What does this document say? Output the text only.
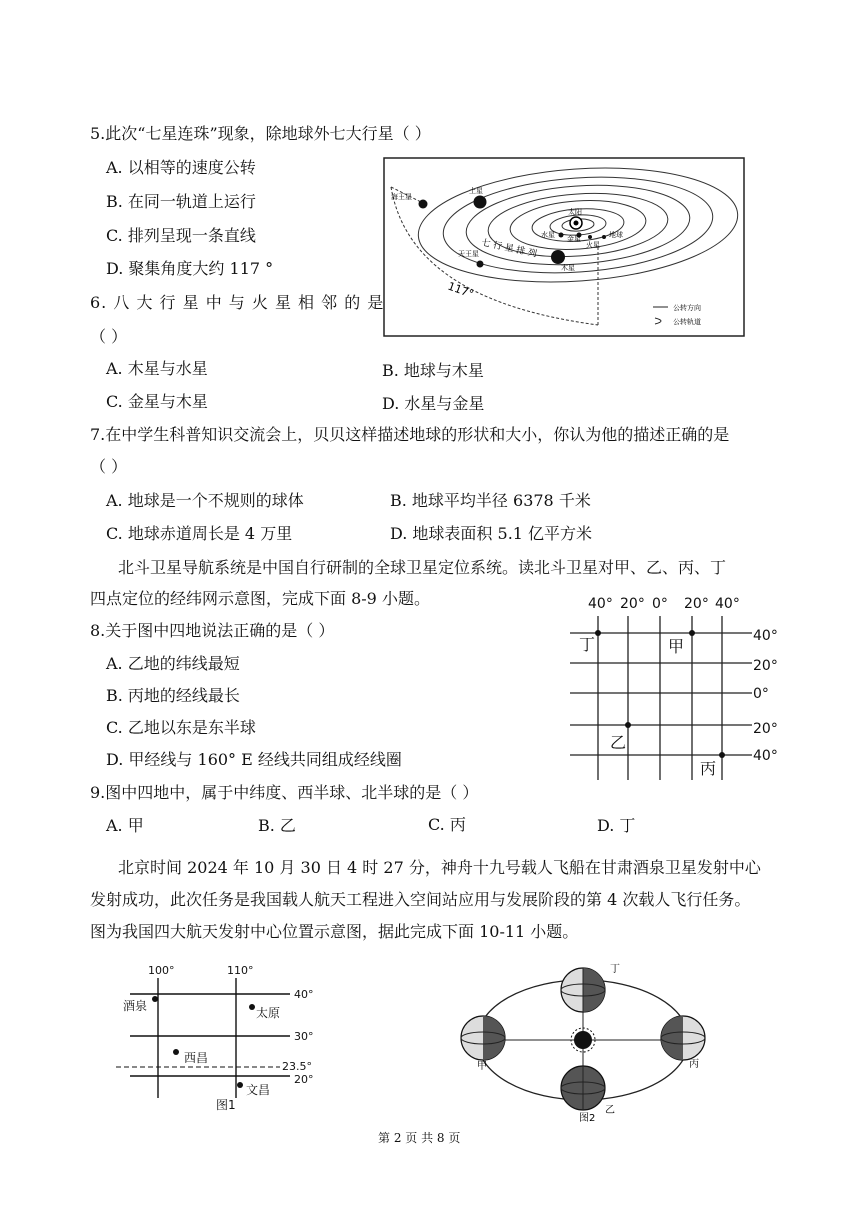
5.此次“七星连珠”现象，除地球外七大行星（ ）
A. 以相等的速度公转
B. 在同一轨道上运行
C. 排列呈现一条直线
D. 聚集角度大约 117 °
太阳
海王星
土星
水星 金星	地球
火星
天王星
木星
七 行 星 排 列
117°
公转方向
公转轨道
6. 八 大 行 星 中 与 火 星 相 邻 的 是
（ ）
A. 木星与水星	B. 地球与木星
C. 金星与木星	D. 水星与金星
7.在中学生科普知识交流会上，贝贝这样描述地球的形状和大小，你认为他的描述正确的是
（ ）
A. 地球是一个不规则的球体	B. 地球平均半径 6378 千米
C. 地球赤道周长是 4 万里	D. 地球表面积 5.1 亿平方米
北斗卫星导航系统是中国自行研制的全球卫星定位系统。读北斗卫星对甲、乙、丙、丁
四点定位的经纬网示意图，完成下面 8-9 小题。	40° 20° 0° 20° 40°
40°
20°
0°
20°
40°
丁	甲
乙
丙
8.关于图中四地说法正确的是（ ）
A. 乙地的纬线最短
B. 丙地的经线最长
C. 乙地以东是东半球
D. 甲经线与 160° E 经线共同组成经线圈
9.图中四地中，属于中纬度、西半球、北半球的是（ ）
A. 甲	B. 乙	C. 丙	D. 丁
北京时间 2024 年 10 月 30 日 4 时 27 分，神舟十九号载人飞船在甘肃酒泉卫星发射中心
发射成功，此次任务是我国载人航天工程进入空间站应用与发展阶段的第 4 次载人飞行任务。
图为我国四大航天发射中心位置示意图，据此完成下面 10-11 小题。
100°	110°
40°
30°
23.5°
20°
酒泉	太原
西昌
文昌
图1
丁
甲	丙
乙
图2
第 2 页 共 8 页
